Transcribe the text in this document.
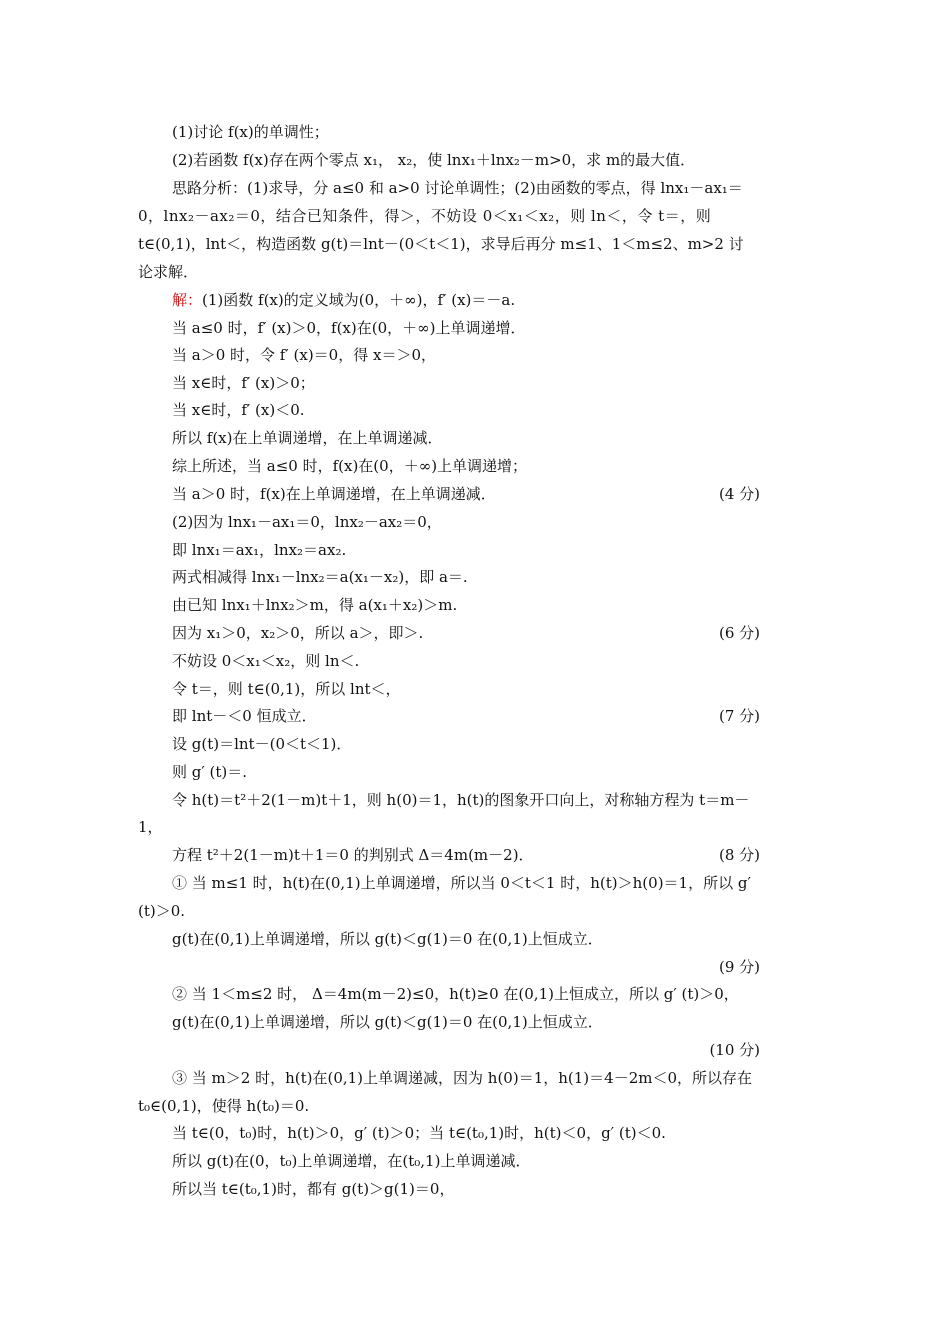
(1)讨论 f(x)的单调性；
(2)若函数 f(x)存在两个零点 x₁， x₂，使 lnx₁＋lnx₂－m>0，求 m的最大值．
思路分析：(1)求导，分 a≤0 和 a>0 讨论单调性；(2)由函数的零点，得 lnx₁－ax₁＝
0，lnx₂－ax₂＝0，结合已知条件，得＞，不妨设 0＜x₁＜x₂，则 ln＜，令 t＝，则
t∈(0,1)，lnt＜，构造函数 g(t)＝lnt－(0＜t＜1)，求导后再分 m≤1、1＜m≤2、m>2 讨
论求解．
解：(1)函数 f(x)的定义域为(0，＋∞)，f′ (x)＝－a.
当 a≤0 时，f′ (x)＞0，f(x)在(0，＋∞)上单调递增．
当 a＞0 时，令 f′ (x)＝0，得 x＝＞0，
当 x∈时，f′ (x)＞0；
当 x∈时，f′ (x)＜0.
所以 f(x)在上单调递增，在上单调递减．
综上所述，当 a≤0 时，f(x)在(0，＋∞)上单调递增；
当 a＞0 时，f(x)在上单调递增，在上单调递减．	(4 分)
(2)因为 lnx₁－ax₁＝0，lnx₂－ax₂＝0，
即 lnx₁＝ax₁，lnx₂＝ax₂.
两式相减得 lnx₁－lnx₂＝a(x₁－x₂)，即 a＝.
由已知 lnx₁＋lnx₂＞m，得 a(x₁＋x₂)＞m.
因为 x₁＞0，x₂＞0，所以 a＞，即＞.	(6 分)
不妨设 0＜x₁＜x₂，则 ln＜.
令 t＝，则 t∈(0,1)，所以 lnt＜，
即 lnt－＜0 恒成立．	(7 分)
设 g(t)＝lnt－(0＜t＜1)．
则 g′ (t)＝.
令 h(t)＝t²＋2(1－m)t＋1，则 h(0)＝1，h(t)的图象开口向上，对称轴方程为 t＝m－
1，
方程 t²＋2(1－m)t＋1＝0 的判别式 Δ＝4m(m－2)．	(8 分)
① 当 m≤1 时，h(t)在(0,1)上单调递增，所以当 0＜t＜1 时，h(t)＞h(0)＝1，所以 g′
(t)＞0.
g(t)在(0,1)上单调递增，所以 g(t)＜g(1)＝0 在(0,1)上恒成立．
(9 分)
② 当 1＜m≤2 时， Δ＝4m(m－2)≤0，h(t)≥0 在(0,1)上恒成立，所以 g′ (t)＞0，
g(t)在(0,1)上单调递增，所以 g(t)＜g(1)＝0 在(0,1)上恒成立．
(10 分)
③ 当 m＞2 时，h(t)在(0,1)上单调递减，因为 h(0)＝1，h(1)＝4－2m＜0，所以存在
t₀∈(0,1)，使得 h(t₀)＝0.
当 t∈(0，t₀)时，h(t)＞0，g′ (t)＞0；当 t∈(t₀,1)时，h(t)＜0，g′ (t)＜0.
所以 g(t)在(0，t₀)上单调递增，在(t₀,1)上单调递减．
所以当 t∈(t₀,1)时，都有 g(t)＞g(1)＝0，
